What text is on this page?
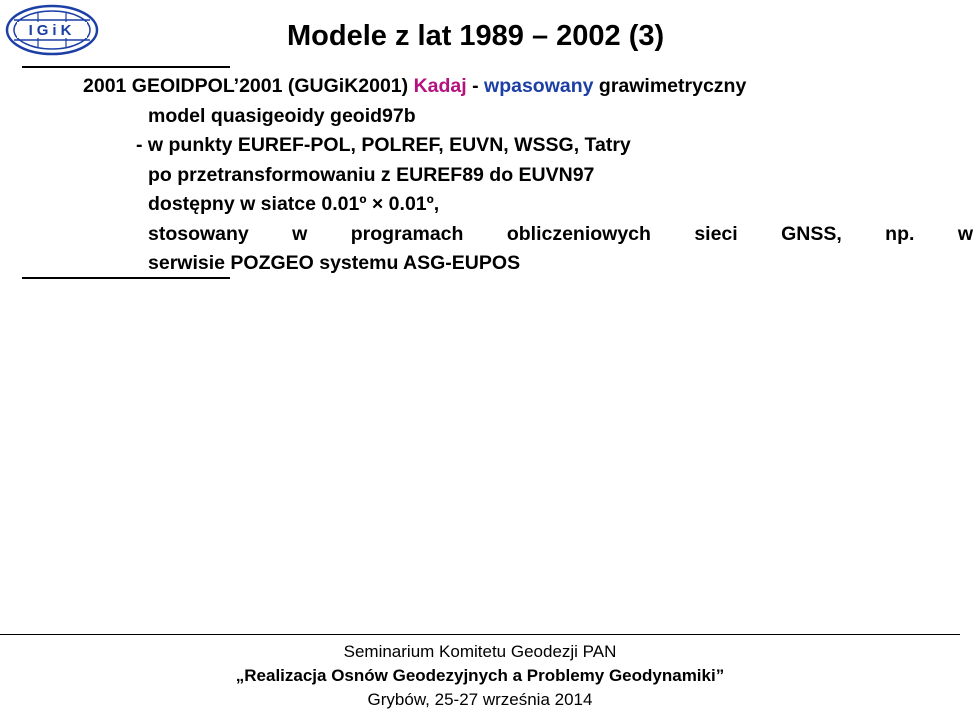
IGiK	Modele z lat 1989 – 2002 (3)
2001 GEOIDPOL’2001 (GUGiK2001) Kadaj - wpasowany grawimetryczny
model quasigeoidy geoid97b
- w punkty EUREF-POL, POLREF, EUVN, WSSG, Tatry
po przetransformowaniu z EUREF89 do EUVN97
dostępny w siatce 0.01º × 0.01º,
stosowany w programach obliczeniowych sieci GNSS, np. w
serwisie POZGEO systemu ASG-EUPOS
Seminarium Komitetu Geodezji PAN
„Realizacja Osnów Geodezyjnych a Problemy Geodynamiki”
Grybów, 25-27 września 2014
